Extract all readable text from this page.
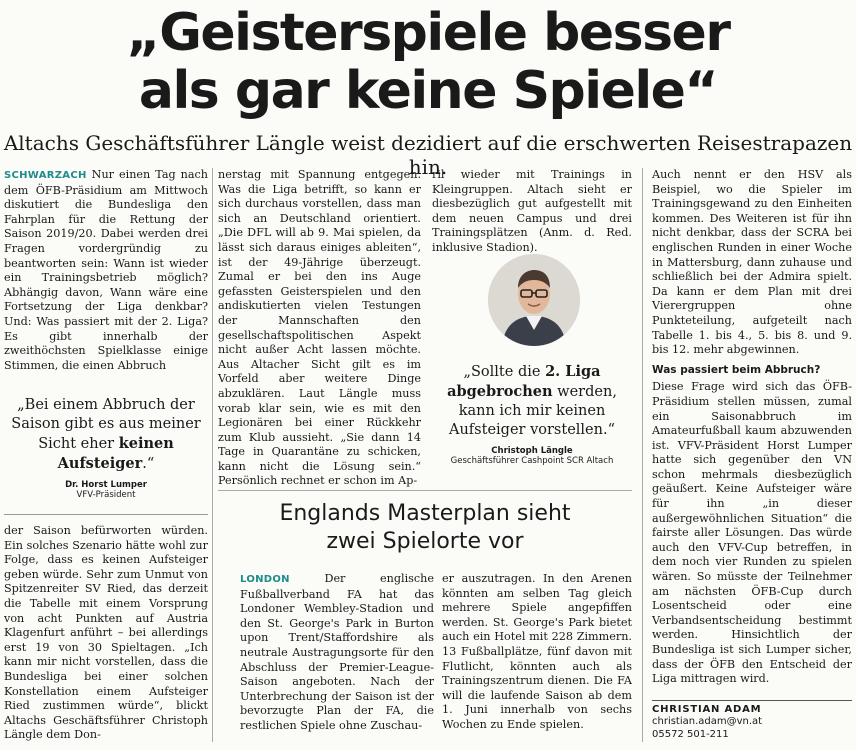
„Geisterspiele besser
als gar keine Spiele“
Altachs Geschäftsführer Längle weist dezidiert auf die erschwerten Reisestrapazen hin.

SCHWARZACH Nur einen Tag nach dem ÖFB-Präsidium am Mittwoch diskutiert die Bundesliga den Fahrplan für die Rettung der Saison 2019/20. Dabei werden drei Fragen vordergründig zu beantworten sein: Wann ist wieder ein Trainingsbetrieb möglich? Abhängig davon, Wann wäre eine Fortsetzung der Liga denkbar? Und: Was passiert mit der 2. Liga? Es gibt innerhalb der zweithöchsten Spielklasse einige Stimmen, die einen Abbruch

„Bei einem Abbruch der Saison gibt es aus meiner Sicht eher keinen Aufsteiger.“
Dr. Horst Lumper
VFV-Präsident

der Saison befürworten würden. Ein solches Szenario hätte wohl zur Folge, dass es keinen Aufsteiger geben würde. Sehr zum Unmut von Spitzenreiter SV Ried, das derzeit die Tabelle mit einem Vorsprung von acht Punkten auf Austria Klagenfurt anführt – bei allerdings erst 19 von 30 Spieltagen. „Ich kann mir nicht vorstellen, dass die Bundesliga bei einer solchen Konstellation einem Aufsteiger Ried zustimmen würde“, blickt Altachs Geschäftsführer Christoph Längle dem Don-

nerstag mit Spannung entgegen. Was die Liga betrifft, so kann er sich durchaus vorstellen, dass man sich an Deutschland orientiert. „Die DFL will ab 9. Mai spielen, da lässt sich daraus einiges ableiten“, ist der 49-Jährige überzeugt. Zumal er bei den ins Auge gefassten Geisterspielen und den andiskutierten vielen Testungen der Mannschaften den gesellschaftspolitischen Aspekt nicht außer Acht lassen möchte. Aus Altacher Sicht gilt es im Vorfeld aber weitere Dinge abzuklären. Laut Längle muss vorab klar sein, wie es mit den Legionären bei einer Rückkehr zum Klub aussieht. „Sie dann 14 Tage in Quarantäne zu schicken, kann nicht die Lösung sein.“ Persönlich rechnet er schon im Ap-

ril wieder mit Trainings in Kleingruppen. Altach sieht er diesbezüglich gut aufgestellt mit dem neuen Campus und drei Trainingsplätzen (Anm. d. Red. inklusive Stadion).

„Sollte die 2. Liga abgebrochen werden, kann ich mir keinen Aufsteiger vorstellen.“
Christoph Längle
Geschäftsführer Cashpoint SCR Altach

Auch nennt er den HSV als Beispiel, wo die Spieler im Trainingsgewand zu den Einheiten kommen. Des Weiteren ist für ihn nicht denkbar, dass der SCRA bei englischen Runden in einer Woche in Mattersburg, dann zuhause und schließlich bei der Admira spielt. Da kann er dem Plan mit drei Vierergruppen ohne Punkteteilung, aufgeteilt nach Tabelle 1. bis 4., 5. bis 8. und 9. bis 12. mehr abgewinnen.

Was passiert beim Abbruch?

Diese Frage wird sich das ÖFB-Präsidium stellen müssen, zumal ein Saisonabbruch im Amateurfußball kaum abzuwenden ist. VFV-Präsident Horst Lumper hatte sich gegenüber den VN schon mehrmals diesbezüglich geäußert. Keine Aufsteiger wäre für ihn „in dieser außergewöhnlichen Situation“ die fairste aller Lösungen. Das würde auch den VFV-Cup betreffen, in dem noch vier Runden zu spielen wären. So müsste der Teilnehmer am nächsten ÖFB-Cup durch Losentscheid oder eine Verbandsentscheidung bestimmt werden. Hinsichtlich der Bundesliga ist sich Lumper sicher, dass der ÖFB den Entscheid der Liga mittragen wird.

Englands Masterplan sieht
zwei Spielorte vor

LONDON	Der englische Fußballverband FA hat das Londoner Wembley-Stadion und den St. George's Park in Burton upon Trent/Staffordshire als neutrale Austragungsorte für den Abschluss der Premier-League-Saison angeboten. Nach der Unterbrechung der Saison ist der bevorzugte Plan der FA, die restlichen Spiele ohne Zuschau-

er auszutragen. In den Arenen könnten am selben Tag gleich mehrere Spiele angepfiffen werden. St. George's Park bietet auch ein Hotel mit 228 Zimmern. 13 Fußballplätze, fünf davon mit Flutlicht, könnten auch als Trainingszentrum dienen. Die FA will die laufende Saison ab dem 1. Juni innerhalb von sechs Wochen zu Ende spielen.

CHRISTIAN ADAM
christian.adam@vn.at
05572 501-211
